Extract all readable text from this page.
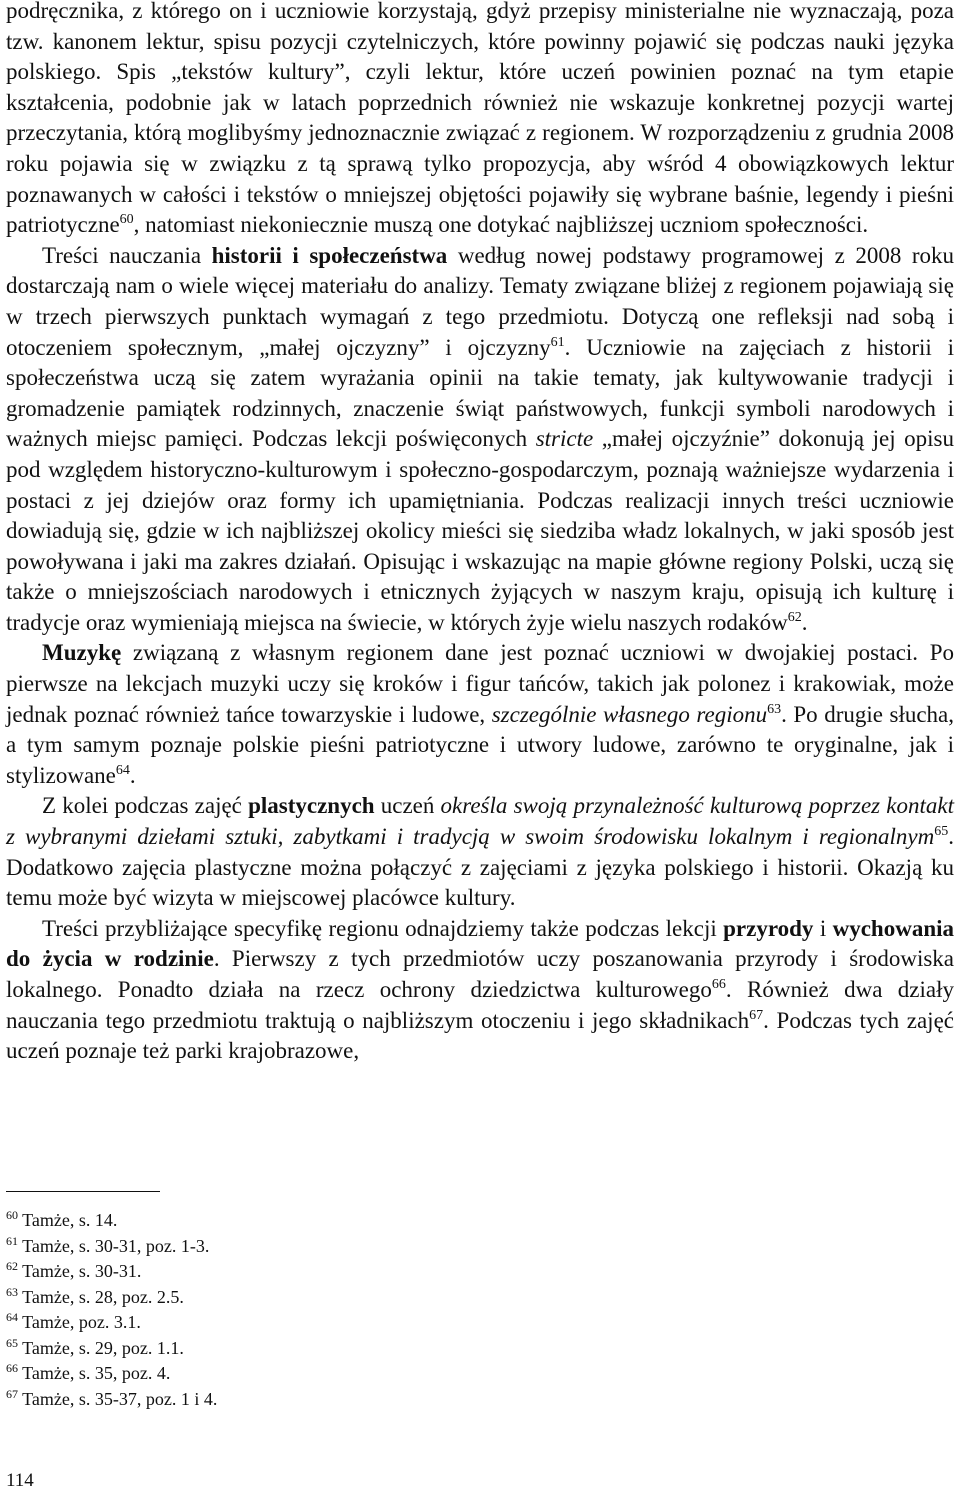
podręcznika, z którego on i uczniowie korzystają, gdyż przepisy ministerialne nie wyznaczają, poza tzw. kanonem lektur, spisu pozycji czytelniczych, które powinny pojawić się podczas nauki języka polskiego. Spis „tekstów kultury”, czyli lektur, które uczeń powinien poznać na tym etapie kształcenia, podobnie jak w latach poprzednich również nie wskazuje konkretnej pozycji wartej przeczytania, którą moglibyśmy jednoznacznie związać z regionem. W rozporządzeniu z grudnia 2008 roku pojawia się w związku z tą sprawą tylko propozycja, aby wśród 4 obowiązkowych lektur poznawanych w całości i tekstów o mniejszej objętości pojawiły się wybrane baśnie, legendy i pieśni patriotyczne$^{60}$, natomiast niekoniecznie muszą one dotykać najbliższej uczniom społeczności.

Treści nauczania historii i społeczeństwa według nowej podstawy programowej z 2008 roku dostarczają nam o wiele więcej materiału do analizy. Tematy związane bliżej z regionem pojawiają się w trzech pierwszych punktach wymagań z tego przedmiotu. Dotyczą one refleksji nad sobą i otoczeniem społecznym, „małej ojczyzny” i ojczyzny$^{61}$. Uczniowie na zajęciach z historii i społeczeństwa uczą się zatem wyrażania opinii na takie tematy, jak kultywowanie tradycji i gromadzenie pamiątek rodzinnych, znaczenie świąt państwowych, funkcji symboli narodowych i ważnych miejsc pamięci. Podczas lekcji poświęconych stricte „małej ojczyźnie” dokonują jej opisu pod względem historyczno-kulturowym i społeczno-gospodarczym, poznają ważniejsze wydarzenia i postaci z jej dziejów oraz formy ich upamiętniania. Podczas realizacji innych treści uczniowie dowiadują się, gdzie w ich najbliższej okolicy mieści się siedziba władz lokalnych, w jaki sposób jest powoływana i jaki ma zakres działań. Opisując i wskazując na mapie główne regiony Polski, uczą się także o mniejszościach narodowych i etnicznych żyjących w naszym kraju, opisują ich kulturę i tradycje oraz wymieniają miejsca na świecie, w których żyje wielu naszych rodaków$^{62}$.

Muzykę związaną z własnym regionem dane jest poznać uczniowi w dwojakiej postaci. Po pierwsze na lekcjach muzyki uczy się kroków i figur tańców, takich jak polonez i krakowiak, może jednak poznać również tańce towarzyskie i ludowe, szczególnie własnego regionu$^{63}$. Po drugie słucha, a tym samym poznaje polskie pieśni patriotyczne i utwory ludowe, zarówno te oryginalne, jak i stylizowane$^{64}$.

Z kolei podczas zajęć plastycznych uczeń określa swoją przynależność kulturową poprzez kontakt z wybranymi dziełami sztuki, zabytkami i tradycją w swoim środowisku lokalnym i regionalnym$^{65}$. Dodatkowo zajęcia plastyczne można połączyć z zajęciami z języka polskiego i historii. Okazją ku temu może być wizyta w miejscowej placówce kultury.

Treści przybliżające specyfikę regionu odnajdziemy także podczas lekcji przyrody i wychowania do życia w rodzinie. Pierwszy z tych przedmiotów uczy poszanowania przyrody i środowiska lokalnego. Ponadto działa na rzecz ochrony dziedzictwa kulturowego$^{66}$. Również dwa działy nauczania tego przedmiotu traktują o najbliższym otoczeniu i jego składnikach$^{67}$. Podczas tych zajęć uczeń poznaje też parki krajobrazowe,

$^{60}$ Tamże, s. 14.
$^{61}$ Tamże, s. 30-31, poz. 1-3.
$^{62}$ Tamże, s. 30-31.
$^{63}$ Tamże, s. 28, poz. 2.5.
$^{64}$ Tamże, poz. 3.1.
$^{65}$ Tamże, s. 29, poz. 1.1.
$^{66}$ Tamże, s. 35, poz. 4.
$^{67}$ Tamże, s. 35-37, poz. 1 i 4.
114
